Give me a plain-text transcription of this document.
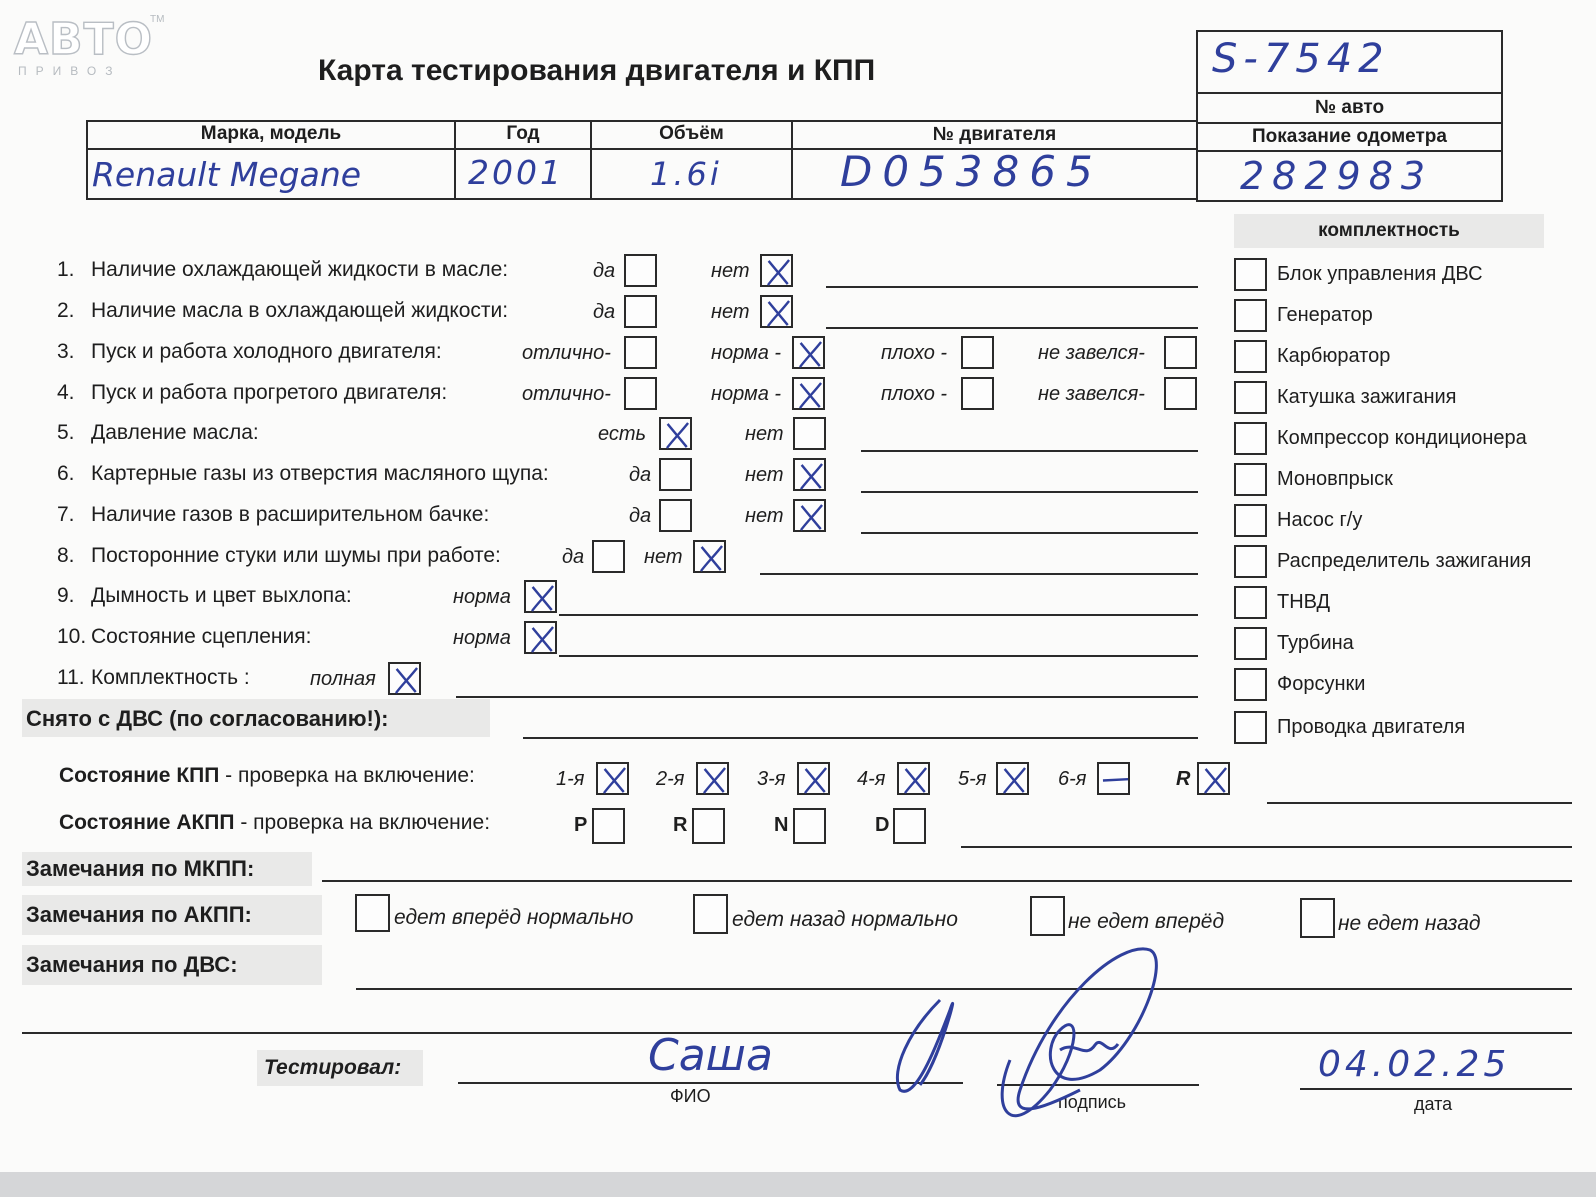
АВТО
ПРИВОЗ
TM
Карта тестирования двигателя и КПП	S-7542
№ авто
Марка, модель	Год	Объём	№ двигателя	Показание одометра
Renault Megane	2001	1.6i	D053865	282983
комплектность
Блок управления ДВС
Генератор
Карбюратор
Катушка зажигания
Компрессор кондиционера
Моновпрыск
Насос г/у
Распределитель зажигания
ТНВД
Турбина
Форсунки
Проводка двигателя
1. Наличие охлаждающей жидкости в масле:	да	нет
2. Наличие масла в охлаждающей жидкости:	да	нет
3. Пуск и работа холодного двигателя:	отлично-	норма -	плохо -	не завелся-
4. Пуск и работа прогретого двигателя:	отлично-	норма -	плохо -	не завелся-
5. Давление масла:	есть	нет
6. Картерные газы из отверстия масляного щупа:	да	нет
7. Наличие газов в расширительном бачке:	да	нет
8. Посторонние стуки или шумы при работе:	да	нет
9. Дымность и цвет выхлопа:	норма
10. Состояние сцепления:	норма
11. Комплектность :	полная
Снято с ДВС (по согласованию!):
Состояние КПП - проверка на включение:	1-я	2-я	3-я	4-я	5-я	6-я	R
Состояние АКПП - проверка на включение:	P	R	N	D
Замечания по МКПП:
Замечания по АКПП:	едет вперёд нормально	едет назад нормально	не едет вперёд	не едет назад
Замечания по ДВС:
Тестировал:	Саша
ФИО	подпись
04.02.25
дата
